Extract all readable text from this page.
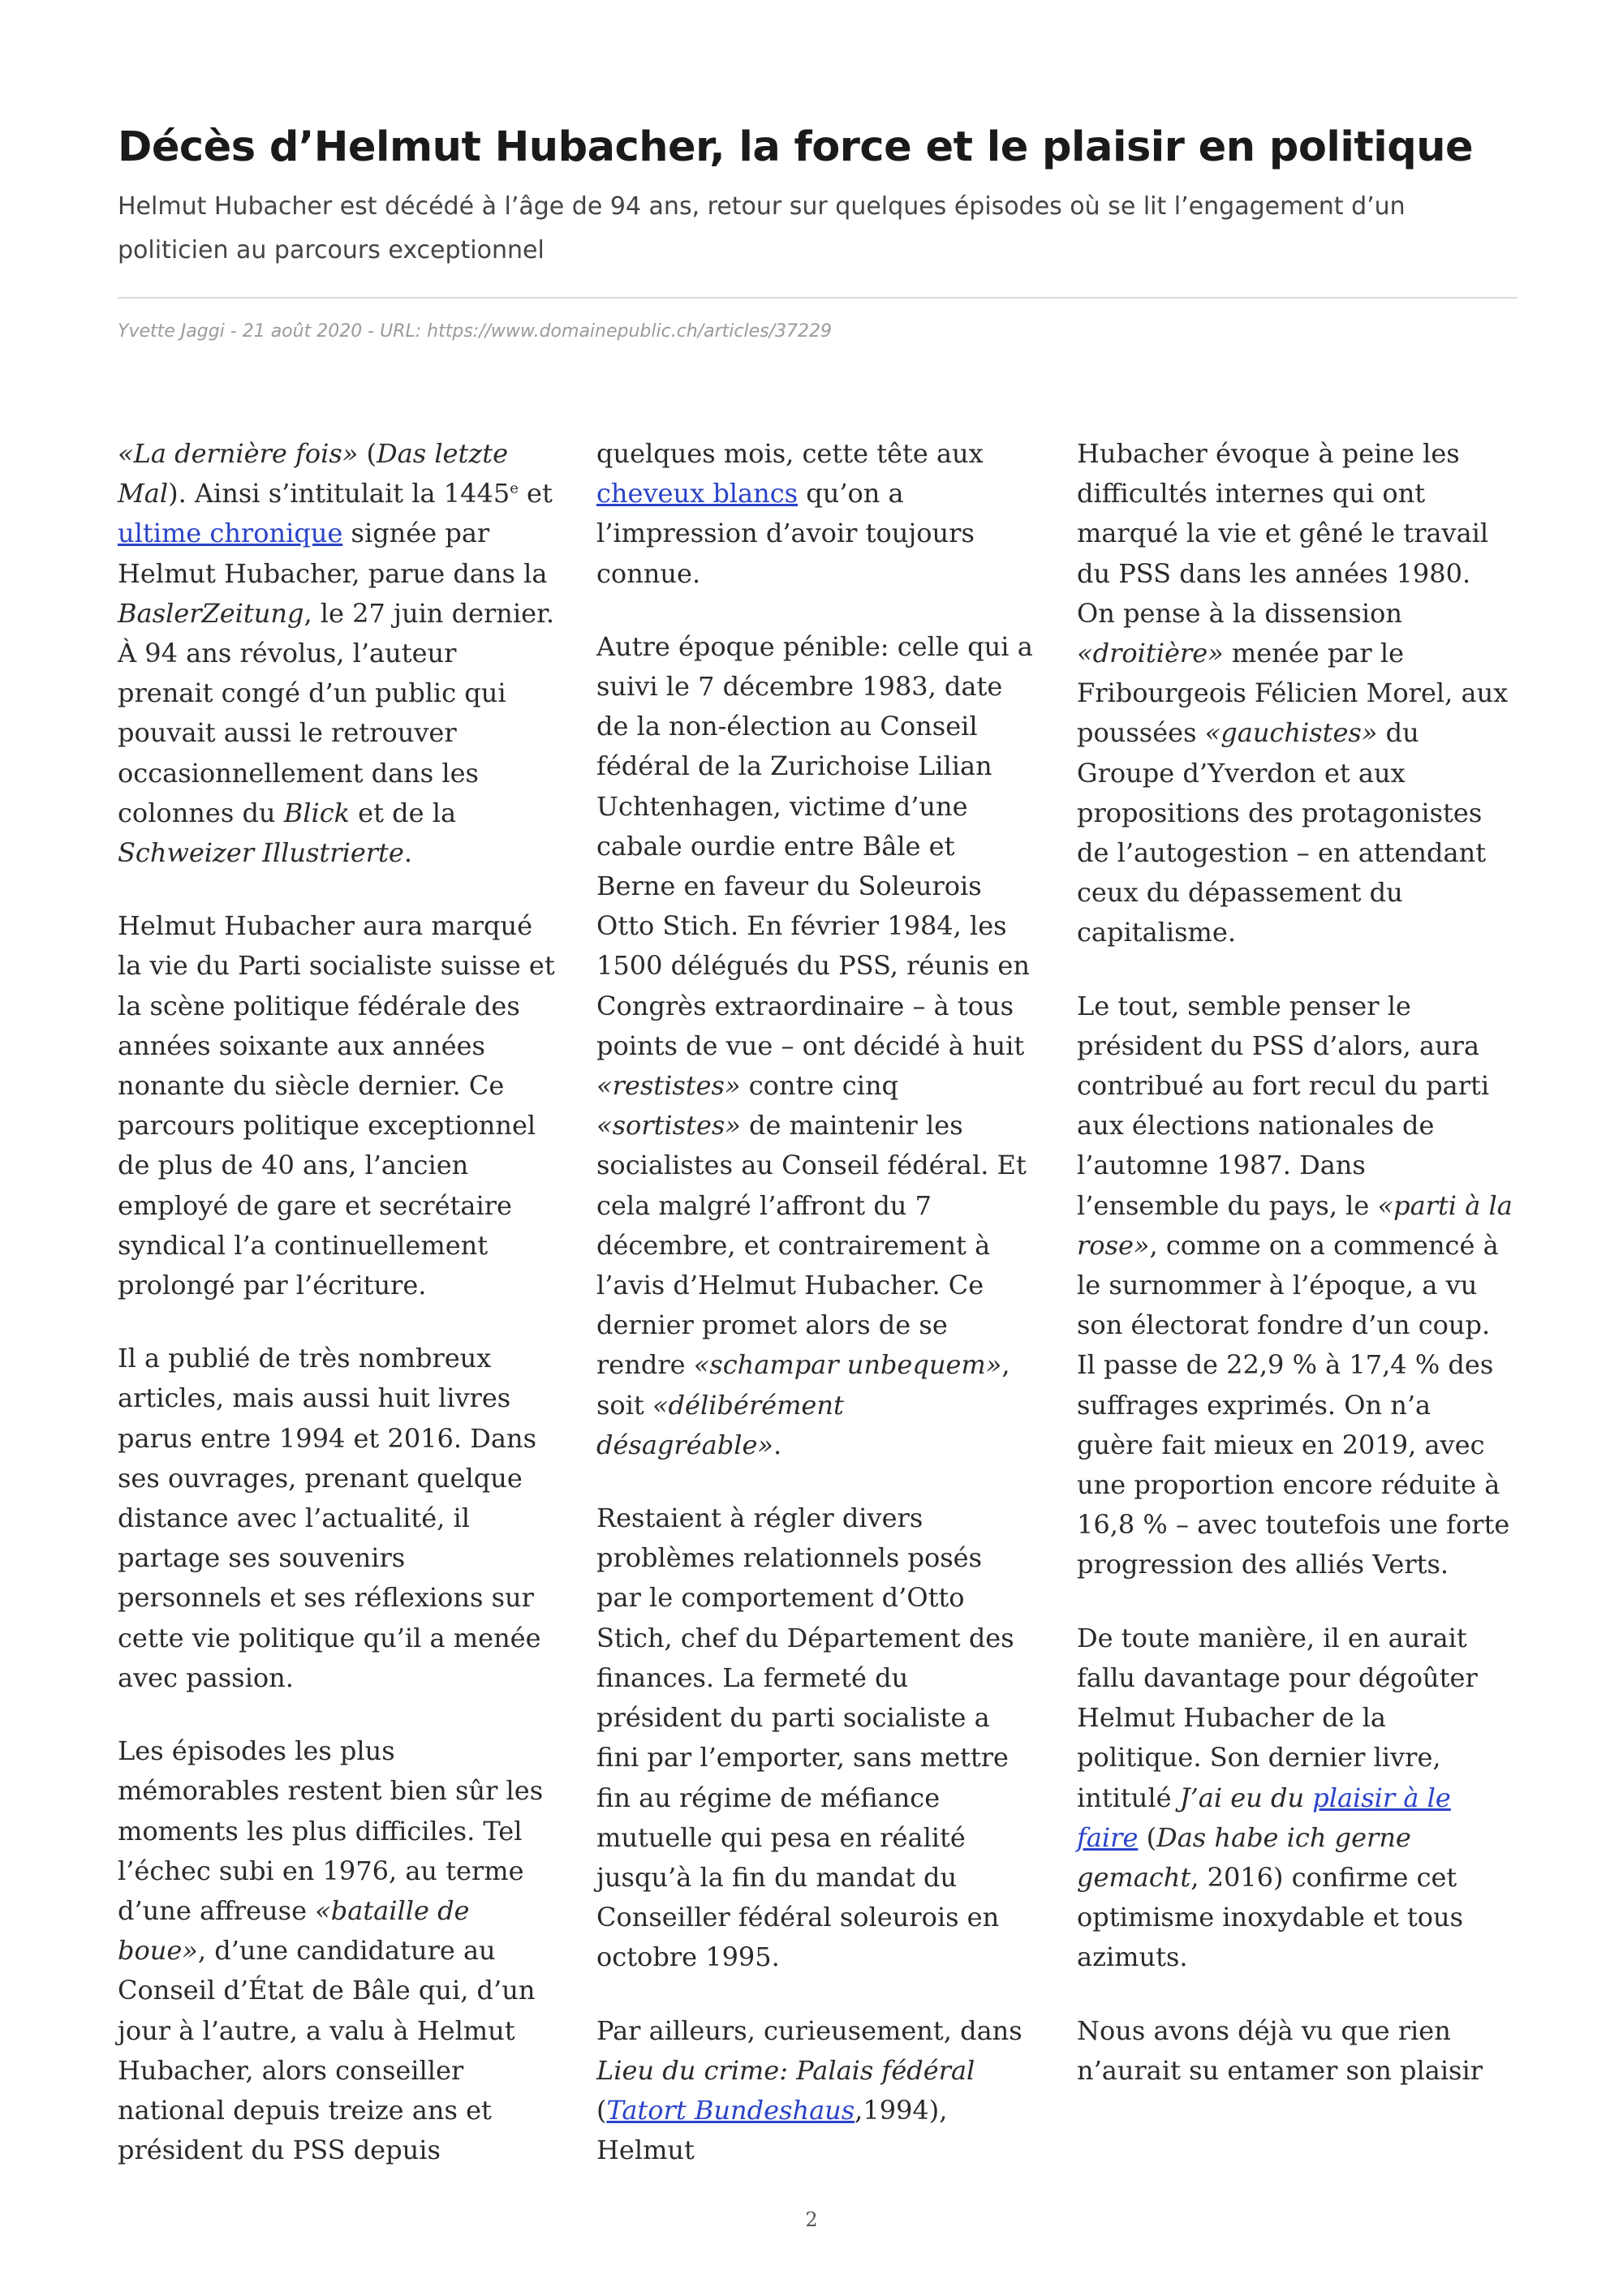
Décès d’Helmut Hubacher, la force et le plaisir en politique

Helmut Hubacher est décédé à l’âge de 94 ans, retour sur quelques épisodes où se lit l’engagement d’un politicien au parcours exceptionnel

Yvette Jaggi - 21 août 2020 - URL: https://www.domainepublic.ch/articles/37229

«La dernière fois» (Das letzte Mal). Ainsi s’intitulait la 1445e et ultime chronique signée par Helmut Hubacher, parue dans la BaslerZeitung, le 27 juin dernier. À 94 ans révolus, l’auteur prenait congé d’un public qui pouvait aussi le retrouver occasionnellement dans les colonnes du Blick et de la Schweizer Illustrierte.

Helmut Hubacher aura marqué la vie du Parti socialiste suisse et la scène politique fédérale des années soixante aux années nonante du siècle dernier. Ce parcours politique exceptionnel de plus de 40 ans, l’ancien employé de gare et secrétaire syndical l’a continuellement prolongé par l’écriture.

Il a publié de très nombreux articles, mais aussi huit livres parus entre 1994 et 2016. Dans ses ouvrages, prenant quelque distance avec l’actualité, il partage ses souvenirs personnels et ses réflexions sur cette vie politique qu’il a menée avec passion.

Les épisodes les plus mémorables restent bien sûr les moments les plus difficiles. Tel l’échec subi en 1976, au terme d’une affreuse «bataille de boue», d’une candidature au Conseil d’État de Bâle qui, d’un jour à l’autre, a valu à Helmut Hubacher, alors conseiller national depuis treize ans et président du PSS depuis

quelques mois, cette tête aux cheveux blancs qu’on a l’impression d’avoir toujours connue.

Autre époque pénible: celle qui a suivi le 7 décembre 1983, date de la non-élection au Conseil fédéral de la Zurichoise Lilian Uchtenhagen, victime d’une cabale ourdie entre Bâle et Berne en faveur du Soleurois Otto Stich. En février 1984, les 1500 délégués du PSS, réunis en Congrès extraordinaire – à tous points de vue – ont décidé à huit «restistes» contre cinq «sortistes» de maintenir les socialistes au Conseil fédéral. Et cela malgré l’affront du 7 décembre, et contrairement à l’avis d’Helmut Hubacher. Ce dernier promet alors de se rendre «schampar unbequem», soit «délibérément désagréable».

Restaient à régler divers problèmes relationnels posés par le comportement d’Otto Stich, chef du Département des finances. La fermeté du président du parti socialiste a fini par l’emporter, sans mettre fin au régime de méfiance mutuelle qui pesa en réalité jusqu’à la fin du mandat du Conseiller fédéral soleurois en octobre 1995.

Par ailleurs, curieusement, dans Lieu du crime: Palais fédéral (Tatort Bundeshaus,1994), Helmut

Hubacher évoque à peine les difficultés internes qui ont marqué la vie et gêné le travail du PSS dans les années 1980. On pense à la dissension «droitière» menée par le Fribourgeois Félicien Morel, aux poussées «gauchistes» du Groupe d’Yverdon et aux propositions des protagonistes de l’autogestion – en attendant ceux du dépassement du capitalisme.

Le tout, semble penser le président du PSS d’alors, aura contribué au fort recul du parti aux élections nationales de l’automne 1987. Dans l’ensemble du pays, le «parti à la rose», comme on a commencé à le surnommer à l’époque, a vu son électorat fondre d’un coup. Il passe de 22,9 % à 17,4 % des suffrages exprimés. On n’a guère fait mieux en 2019, avec une proportion encore réduite à 16,8 % – avec toutefois une forte progression des alliés Verts.

De toute manière, il en aurait fallu davantage pour dégoûter Helmut Hubacher de la politique. Son dernier livre, intitulé J’ai eu du plaisir à le faire (Das habe ich gerne gemacht, 2016) confirme cet optimisme inoxydable et tous azimuts.

Nous avons déjà vu que rien n’aurait su entamer son plaisir

2
